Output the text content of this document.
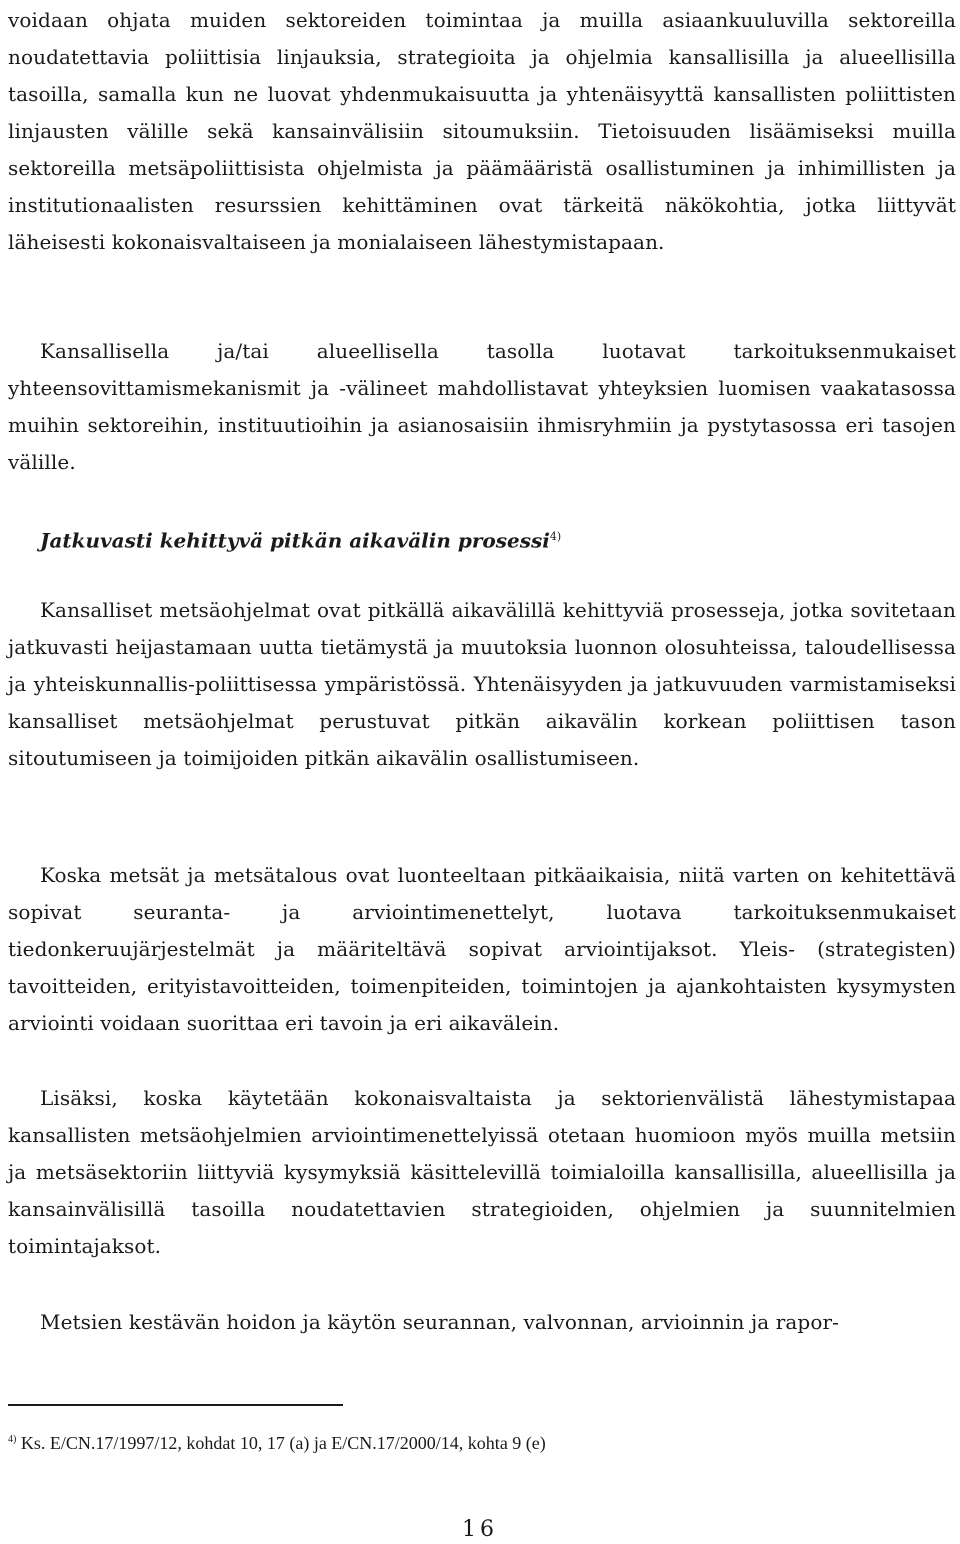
voidaan ohjata muiden sektoreiden toimintaa ja muilla asiaankuuluvilla sektoreilla noudatettavia poliittisia linjauksia, strategioita ja ohjelmia kansallisilla ja alueellisilla tasoilla, samalla kun ne luovat yhdenmukaisuutta ja yhtenäisyyttä kansallisten poliittisten linjausten välille sekä kansainvälisiin sitoumuksiin. Tietoisuuden lisäämiseksi muilla sektoreilla metsäpoliittisista ohjelmista ja päämääristä osallistuminen ja inhimillisten ja institutionaalisten resurssien kehittäminen ovat tärkeitä näkökohtia, jotka liittyvät läheisesti kokonaisvaltaiseen ja monialaiseen lähestymistapaan.

Kansallisella ja/tai alueellisella tasolla luotavat tarkoituksenmukaiset yhteensovittamismekanismit ja -välineet mahdollistavat yhteyksien luomisen vaakatasossa muihin sektoreihin, instituutioihin ja asianosaisiin ihmisryhmiin ja pystytasossa eri tasojen välille.

Jatkuvasti kehittyvä pitkän aikavälin prosessi$^{4)}$

Kansalliset metsäohjelmat ovat pitkällä aikavälillä kehittyviä prosesseja, jotka sovitetaan jatkuvasti heijastamaan uutta tietämystä ja muutoksia luonnon olosuhteissa, taloudellisessa ja yhteiskunnallis-poliittisessa ympäristössä. Yhtenäisyyden ja jatkuvuuden varmistamiseksi kansalliset metsäohjelmat perustuvat pitkän aikavälin korkean poliittisen tason sitoutumiseen ja toimijoiden pitkän aikavälin osallistumiseen.

Koska metsät ja metsätalous ovat luonteeltaan pitkäaikaisia, niitä varten on kehitettävä sopivat seuranta- ja arviointimenettelyt, luotava tarkoituksenmukaiset tiedonkeruujärjestelmät ja määriteltävä sopivat arviointijaksot. Yleis- (strategisten) tavoitteiden, erityistavoitteiden, toimenpiteiden, toimintojen ja ajankohtaisten kysymysten arviointi voidaan suorittaa eri tavoin ja eri aikavälein.

Lisäksi, koska käytetään kokonaisvaltaista ja sektorienvälistä lähestymistapaa kansallisten metsäohjelmien arviointimenettelyissä otetaan huomioon myös muilla metsiin ja metsäsektoriin liittyviä kysymyksiä käsittelevillä toimialoilla kansallisilla, alueellisilla ja kansainvälisillä tasoilla noudatettavien strategioiden, ohjelmien ja suunnitelmien toimintajaksot.

Metsien kestävän hoidon ja käytön seurannan, valvonnan, arvioinnin ja rapor-

$^{4)}$ Ks. E/CN.17/1997/12, kohdat 10, 17 (a) ja E/CN.17/2000/14, kohta 9 (e)
16
